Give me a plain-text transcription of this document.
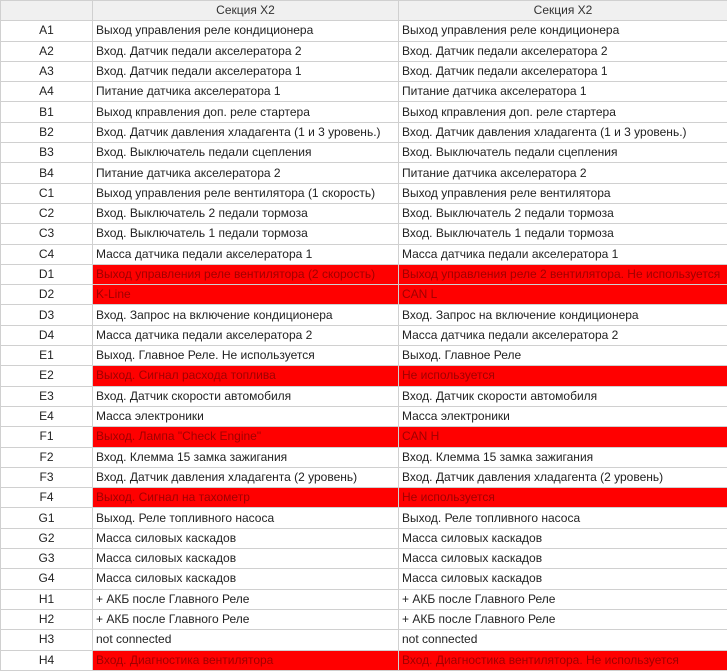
	Секция X2	Секция X2
A1	Выход управления реле кондиционера	Выход управления реле кондиционера
A2	Вход. Датчик педали акселератора 2	Вход. Датчик педали акселератора 2
A3	Вход. Датчик педали акселератора 1	Вход. Датчик педали акселератора 1
A4	Питание датчика акселератора 1	Питание датчика акселератора 1
B1	Выход кправления доп. реле стартера	Выход кправления доп. реле стартера
B2	Вход. Датчик давления хладагента (1 и 3 уровень.)	Вход. Датчик давления хладагента (1 и 3 уровень.)
B3	Вход. Выключатель педали сцепления	Вход. Выключатель педали сцепления
B4	Питание датчика акселератора 2	Питание датчика акселератора 2
C1	Выход управления реле вентилятора (1 скорость)	Выход управления реле вентилятора
C2	Вход. Выключатель 2 педали тормоза	Вход. Выключатель 2 педали тормоза
C3	Вход. Выключатель 1 педали тормоза	Вход. Выключатель 1 педали тормоза
C4	Масса датчика педали акселератора 1	Масса датчика педали акселератора 1
D1	Выход управления реле вентилятора (2 скорость)	Выход управления реле 2 вентилятора. Не используется
D2	K-Line	CAN L
D3	Вход. Запрос на включение кондиционера	Вход. Запрос на включение кондиционера
D4	Масса датчика педали акселератора 2	Масса датчика педали акселератора 2
E1	Выход. Главное Реле. Не используется	Выход. Главное Реле
E2	Выход. Сигнал расхода топлива	Не используется
E3	Вход. Датчик скорости автомобиля	Вход. Датчик скорости автомобиля
E4	Масса электроники	Масса электроники
F1	Выход. Лампа "Check Engine"	CAN H
F2	Вход. Клемма 15 замка зажигания	Вход. Клемма 15 замка зажигания
F3	Вход. Датчик давления хладагента (2 уровень)	Вход. Датчик давления хладагента (2 уровень)
F4	Выход. Сигнал на тахометр	Не используется
G1	Выход. Реле топливного насоса	Выход. Реле топливного насоса
G2	Масса силовых каскадов	Масса силовых каскадов
G3	Масса силовых каскадов	Масса силовых каскадов
G4	Масса силовых каскадов	Масса силовых каскадов
H1	+ АКБ после Главного Реле	+ АКБ после Главного Реле
H2	+ АКБ после Главного Реле	+ АКБ после Главного Реле
H3	not connected	not connected
H4	Вход. Диагностика вентилятора	Вход. Диагностика вентилятора. Не используется
